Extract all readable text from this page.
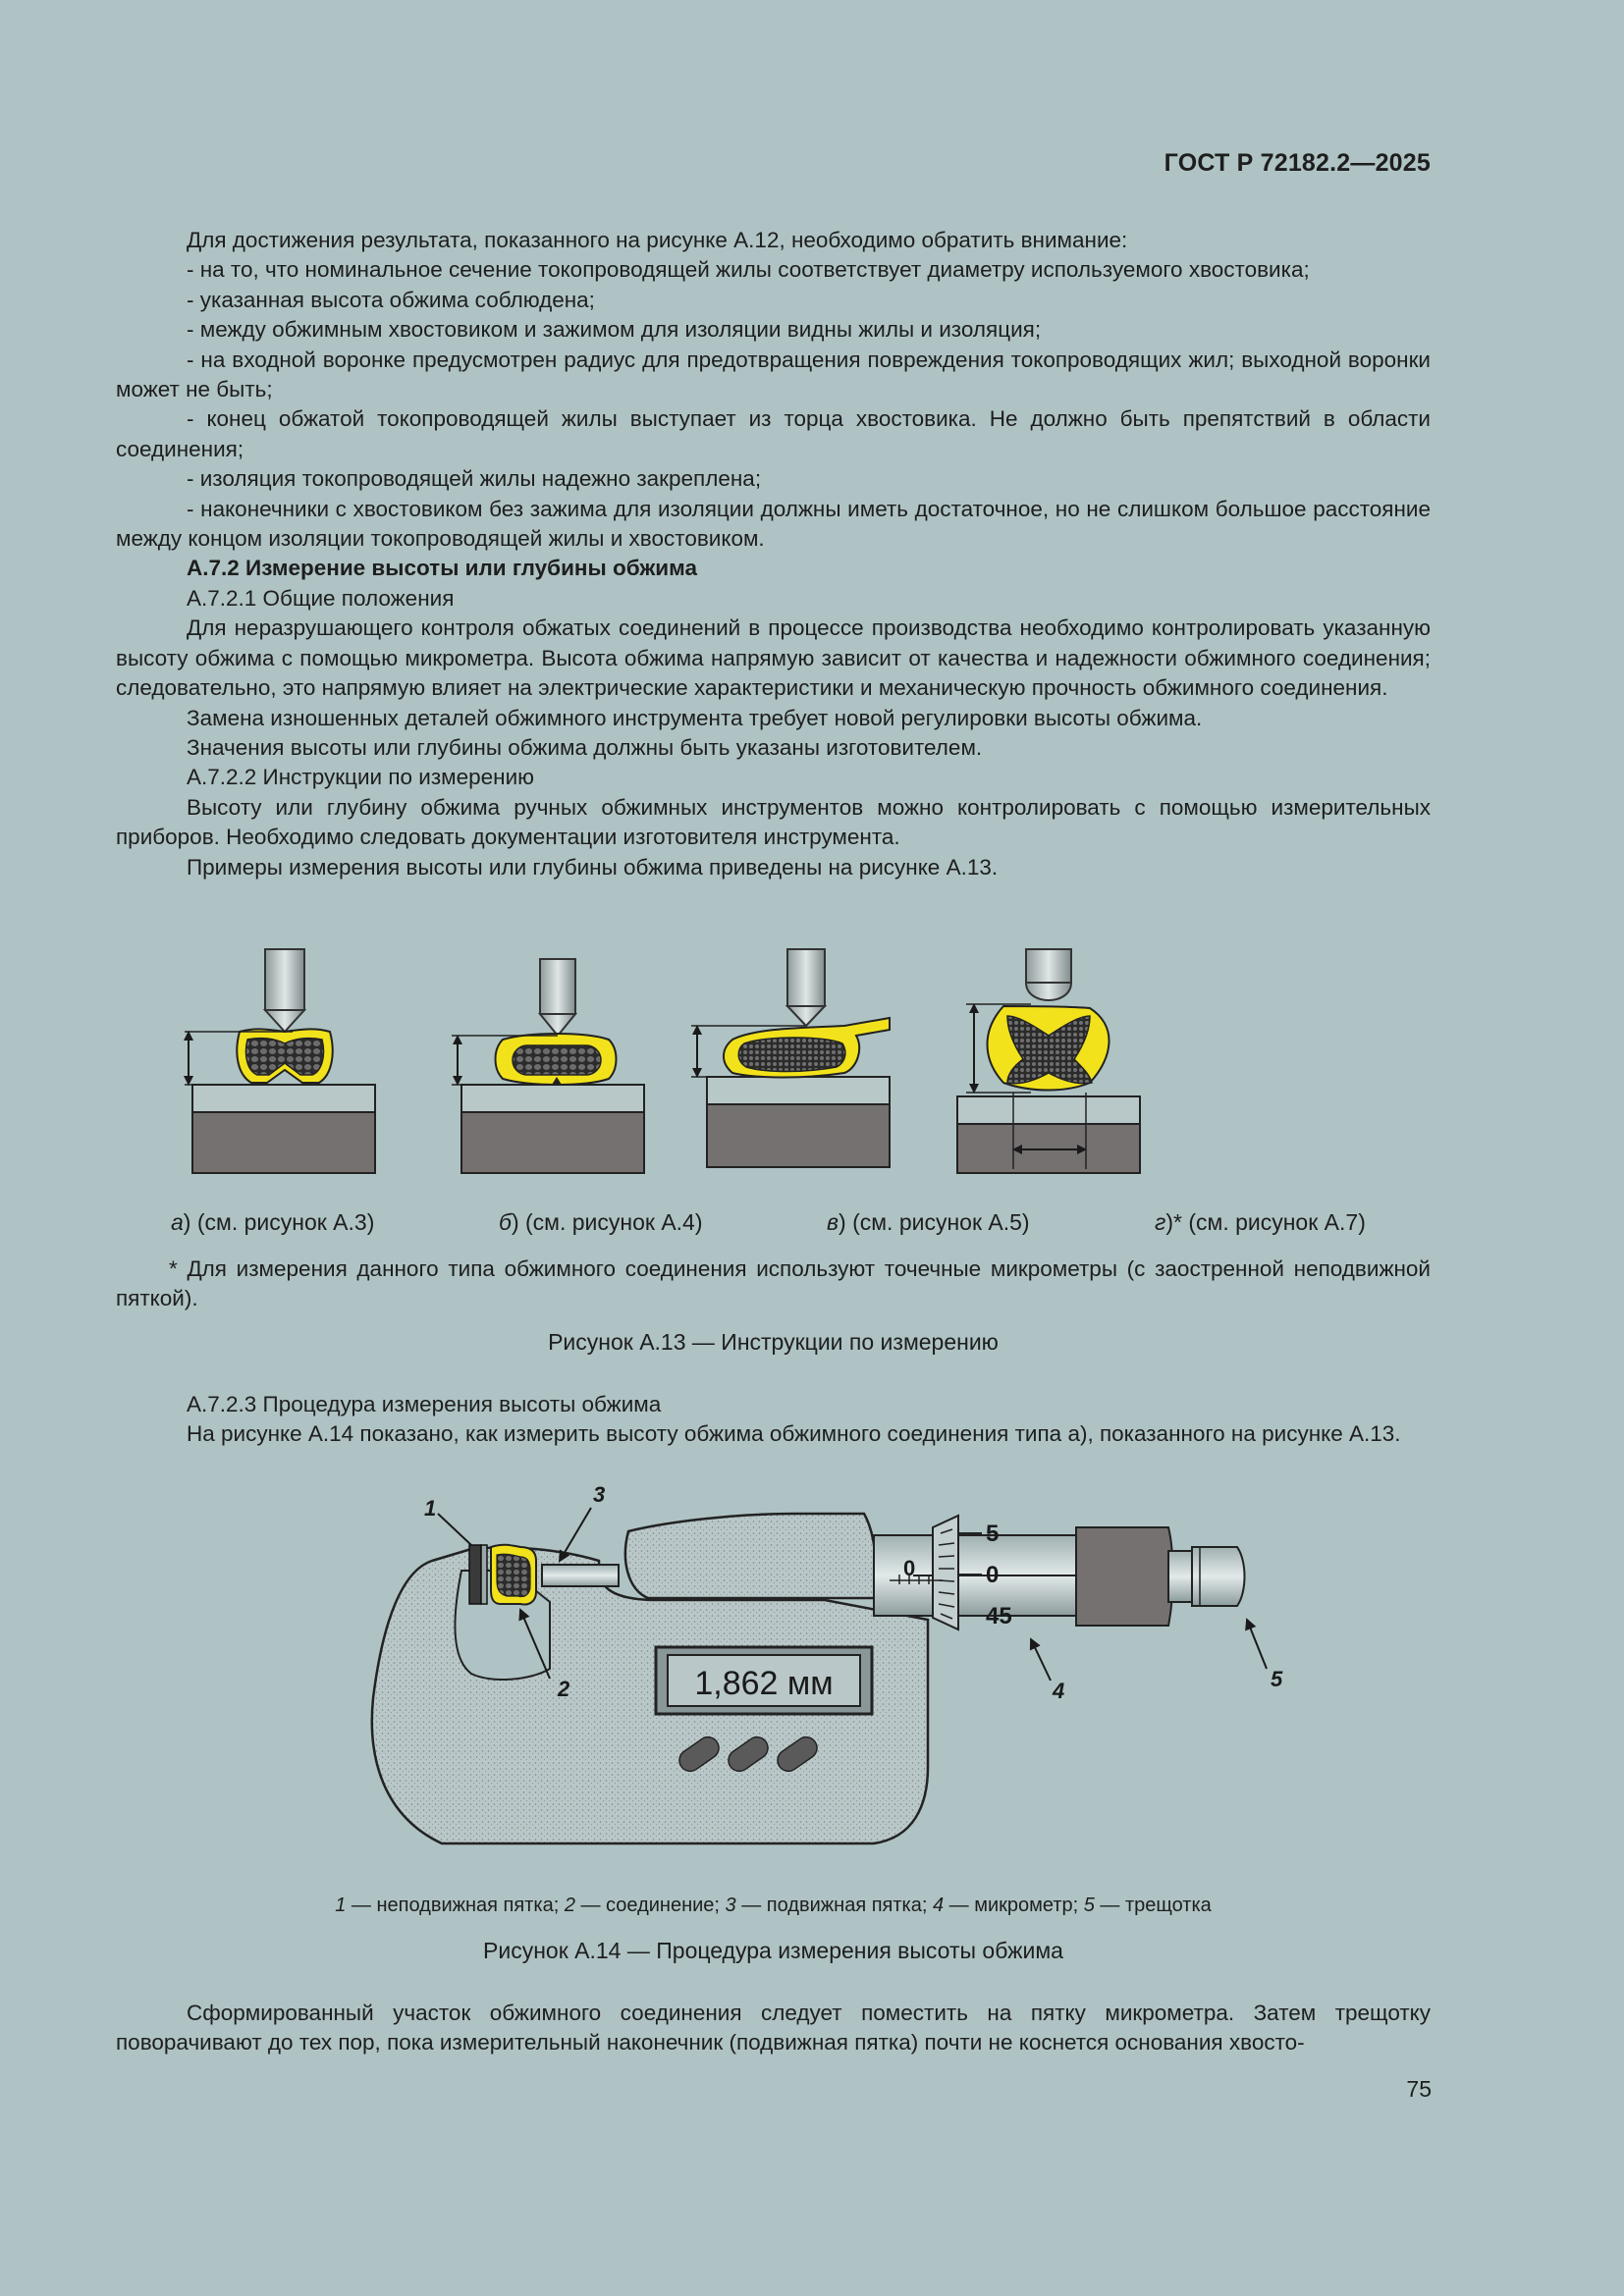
ГОСТ Р 72182.2—2025

Для достижения результата, показанного на рисунке А.12, необходимо обратить внимание:

- на то, что номинальное сечение токопроводящей жилы соответствует диаметру используемого хвостовика;

- указанная высота обжима соблюдена;

- между обжимным хвостовиком и зажимом для изоляции видны жилы и изоляция;

- на входной воронке предусмотрен радиус для предотвращения повреждения токопроводящих жил; выходной воронки может не быть;

- конец обжатой токопроводящей жилы выступает из торца хвостовика. Не должно быть препятствий в области соединения;

- изоляция токопроводящей жилы надежно закреплена;

- наконечники с хвостовиком без зажима для изоляции должны иметь достаточное, но не слишком большое расстояние между концом изоляции токопроводящей жилы и хвостовиком.

А.7.2 Измерение высоты или глубины обжима

А.7.2.1 Общие положения

Для неразрушающего контроля обжатых соединений в процессе производства необходимо контролировать указанную высоту обжима с помощью микрометра. Высота обжима напрямую зависит от качества и надежности обжимного соединения; следовательно, это напрямую влияет на электрические характеристики и механическую прочность обжимного соединения.

Замена изношенных деталей обжимного инструмента требует новой регулировки высоты обжима.

Значения высоты или глубины обжима должны быть указаны изготовителем.

А.7.2.2 Инструкции по измерению

Высоту или глубину обжима ручных обжимных инструментов можно контролировать с помощью измерительных приборов. Необходимо следовать документации изготовителя инструмента.

Примеры измерения высоты или глубины обжима приведены на рисунке А.13.

а) (см. рисунок А.3)	б) (см. рисунок А.4)	в) (см. рисунок А.5)	г)* (см. рисунок А.7)

* Для измерения данного типа обжимного соединения используют точечные микрометры (с заостренной неподвижной пяткой).

Рисунок А.13 — Инструкции по измерению

А.7.2.3 Процедура измерения высоты обжима

На рисунке А.14 показано, как измерить высоту обжима обжимного соединения типа а), показанного на рисунке А.13.

1,862 мм
0
5
0
45
1
2
3
4	5
1 — неподвижная пятка; 2 — соединение; 3 — подвижная пятка; 4 — микрометр; 5 — трещотка
Рисунок А.14 — Процедура измерения высоты обжима

Сформированный участок обжимного соединения следует поместить на пятку микрометра. Затем трещотку поворачивают до тех пор, пока измерительный наконечник (подвижная пятка) почти не коснется основания хвосто-

75
